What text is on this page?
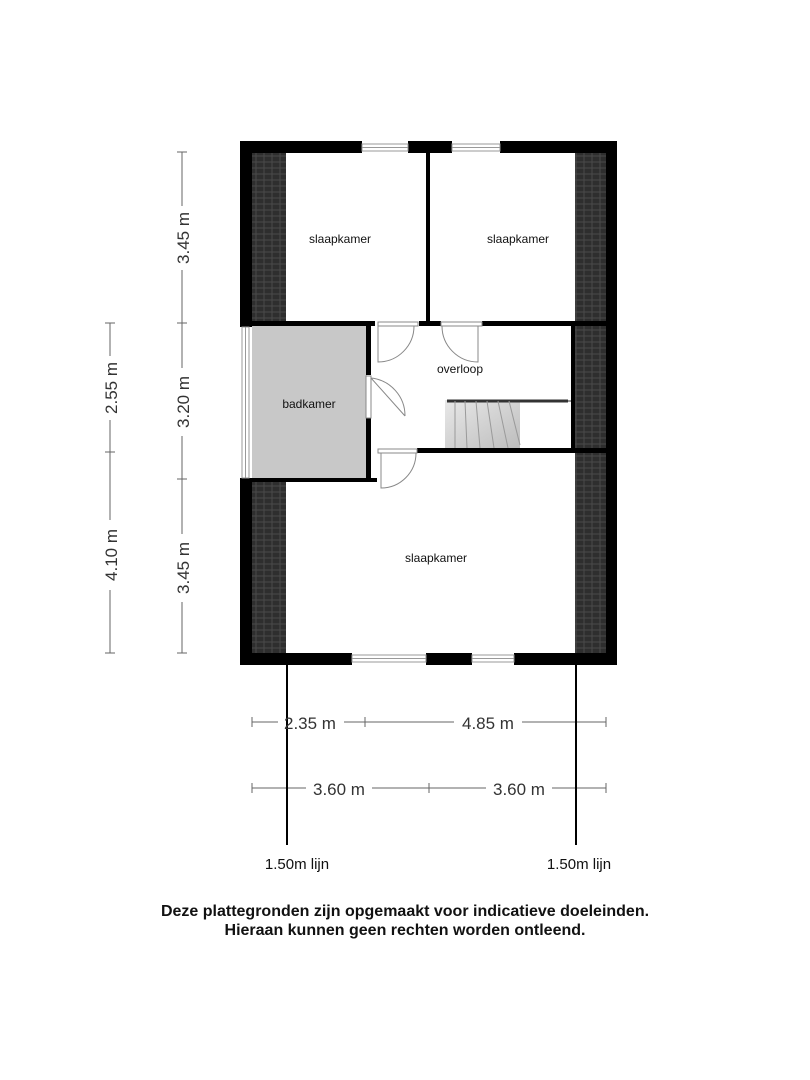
slaapkamer	slaapkamer
overloop
badkamer
slaapkamer
2.55 m
4.10 m
3.45 m
3.20 m
3.45 m
2.35 m	4.85 m
3.60 m	3.60 m
1.50m lijn	1.50m lijn
Deze plattegronden zijn opgemaakt voor indicatieve doeleinden.
Hieraan kunnen geen rechten worden ontleend.
